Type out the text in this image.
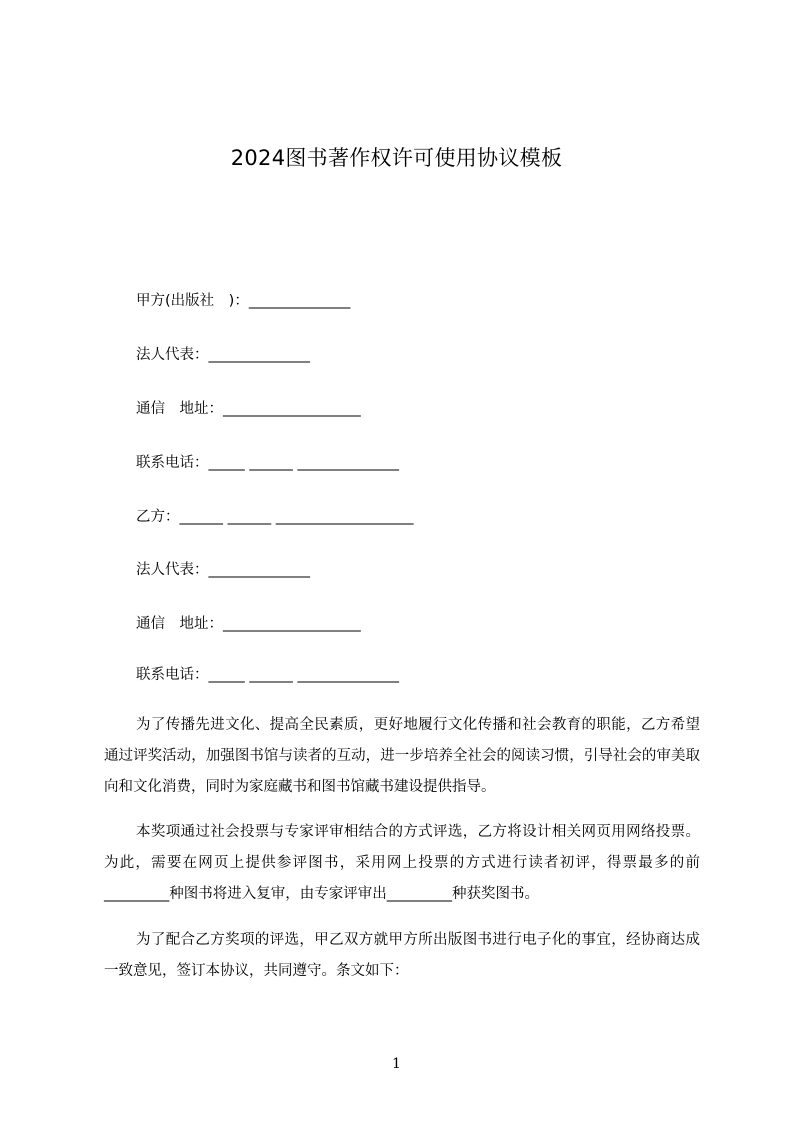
2024图书著作权许可使用协议模板
甲方(出版社　)：______________
法人代表：______________
通信　地址：___________________
联系电话：_____ ______ ______________
乙方：______ ______ ___________________
法人代表：______________
通信　地址：___________________
联系电话：_____ ______ ______________

为了传播先进文化、提高全民素质，更好地履行文化传播和社会教育的职能，乙方希望通过评奖活动，加强图书馆与读者的互动，进一步培养全社会的阅读习惯，引导社会的审美取向和文化消费，同时为家庭藏书和图书馆藏书建设提供指导。

本奖项通过社会投票与专家评审相结合的方式评选，乙方将设计相关网页用网络投票。为此，需要在网页上提供参评图书，采用网上投票的方式进行读者初评，得票最多的前_________种图书将进入复审，由专家评审出_________种获奖图书。

为了配合乙方奖项的评选，甲乙双方就甲方所出版图书进行电子化的事宜，经协商达成一致意见，签订本协议，共同遵守。条文如下：

1
